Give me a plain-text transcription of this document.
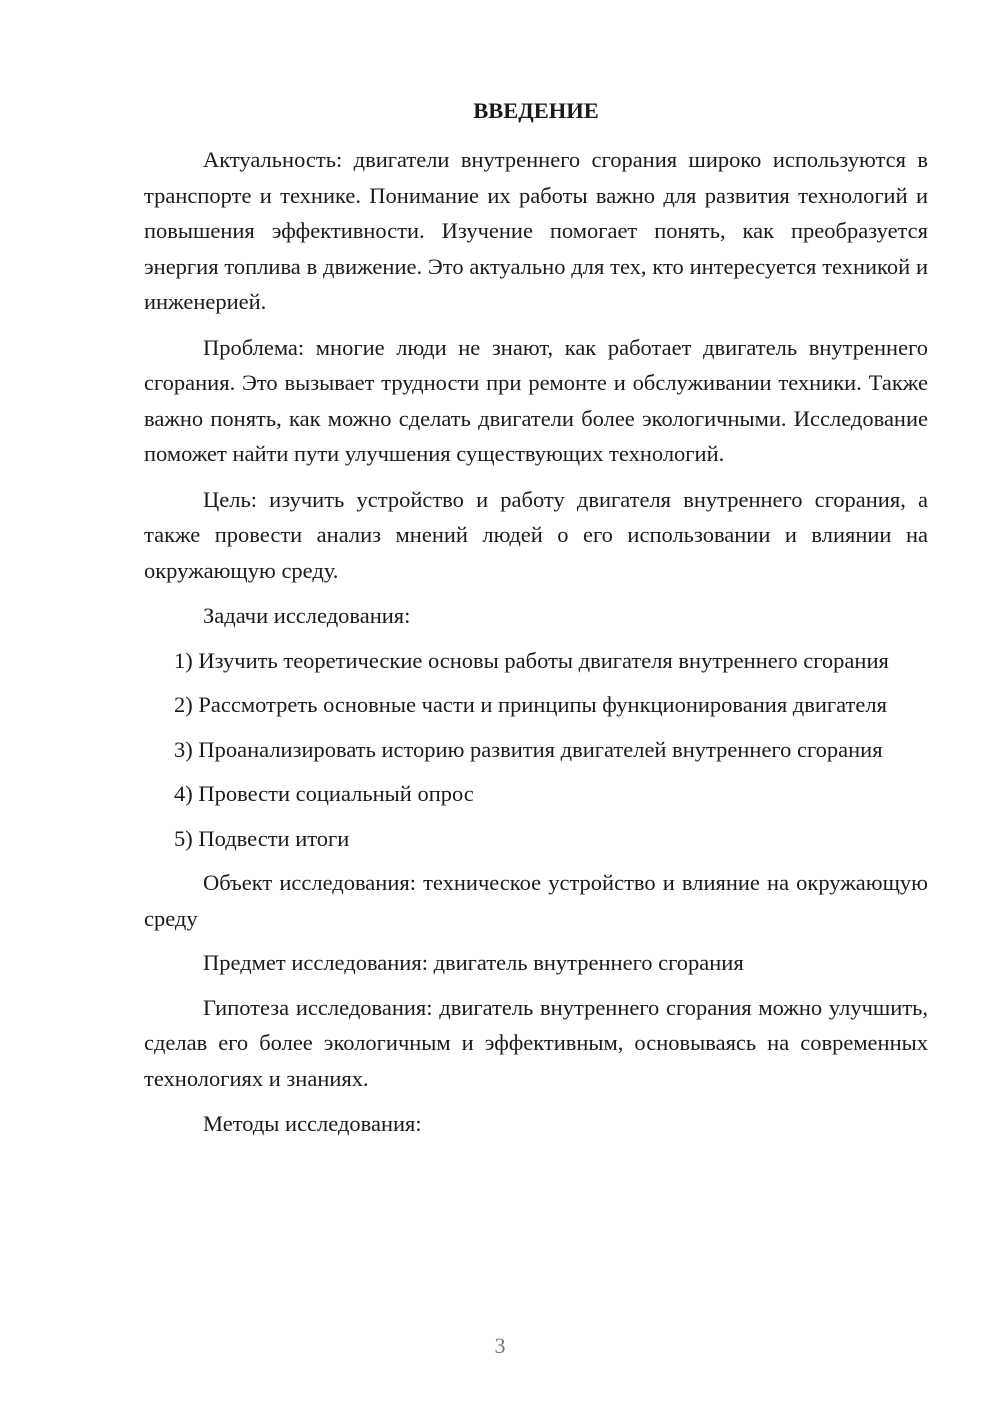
ВВЕДЕНИЕ

Актуальность: двигатели внутреннего сгорания широко используются в транспорте и технике. Понимание их работы важно для развития технологий и повышения эффективности. Изучение помогает понять, как преобразуется энергия топлива в движение. Это актуально для тех, кто интересуется техникой и инженерией.

Проблема: многие люди не знают, как работает двигатель внутреннего сгорания. Это вызывает трудности при ремонте и обслуживании техники. Также важно понять, как можно сделать двигатели более экологичными. Исследование поможет найти пути улучшения существующих технологий.

Цель: изучить устройство и работу двигателя внутреннего сгорания, а также провести анализ мнений людей о его использовании и влиянии на окружающую среду.

Задачи исследования:

1) Изучить теоретические основы работы двигателя внутреннего сгорания

2) Рассмотреть основные части и принципы функционирования двигателя

3) Проанализировать историю развития двигателей внутреннего сгорания

4) Провести социальный опрос

5) Подвести итоги

Объект исследования: техническое устройство и влияние на окружающую среду

Предмет исследования: двигатель внутреннего сгорания

Гипотеза исследования: двигатель внутреннего сгорания можно улучшить, сделав его более экологичным и эффективным, основываясь на современных технологиях и знаниях.

Методы исследования:

3
